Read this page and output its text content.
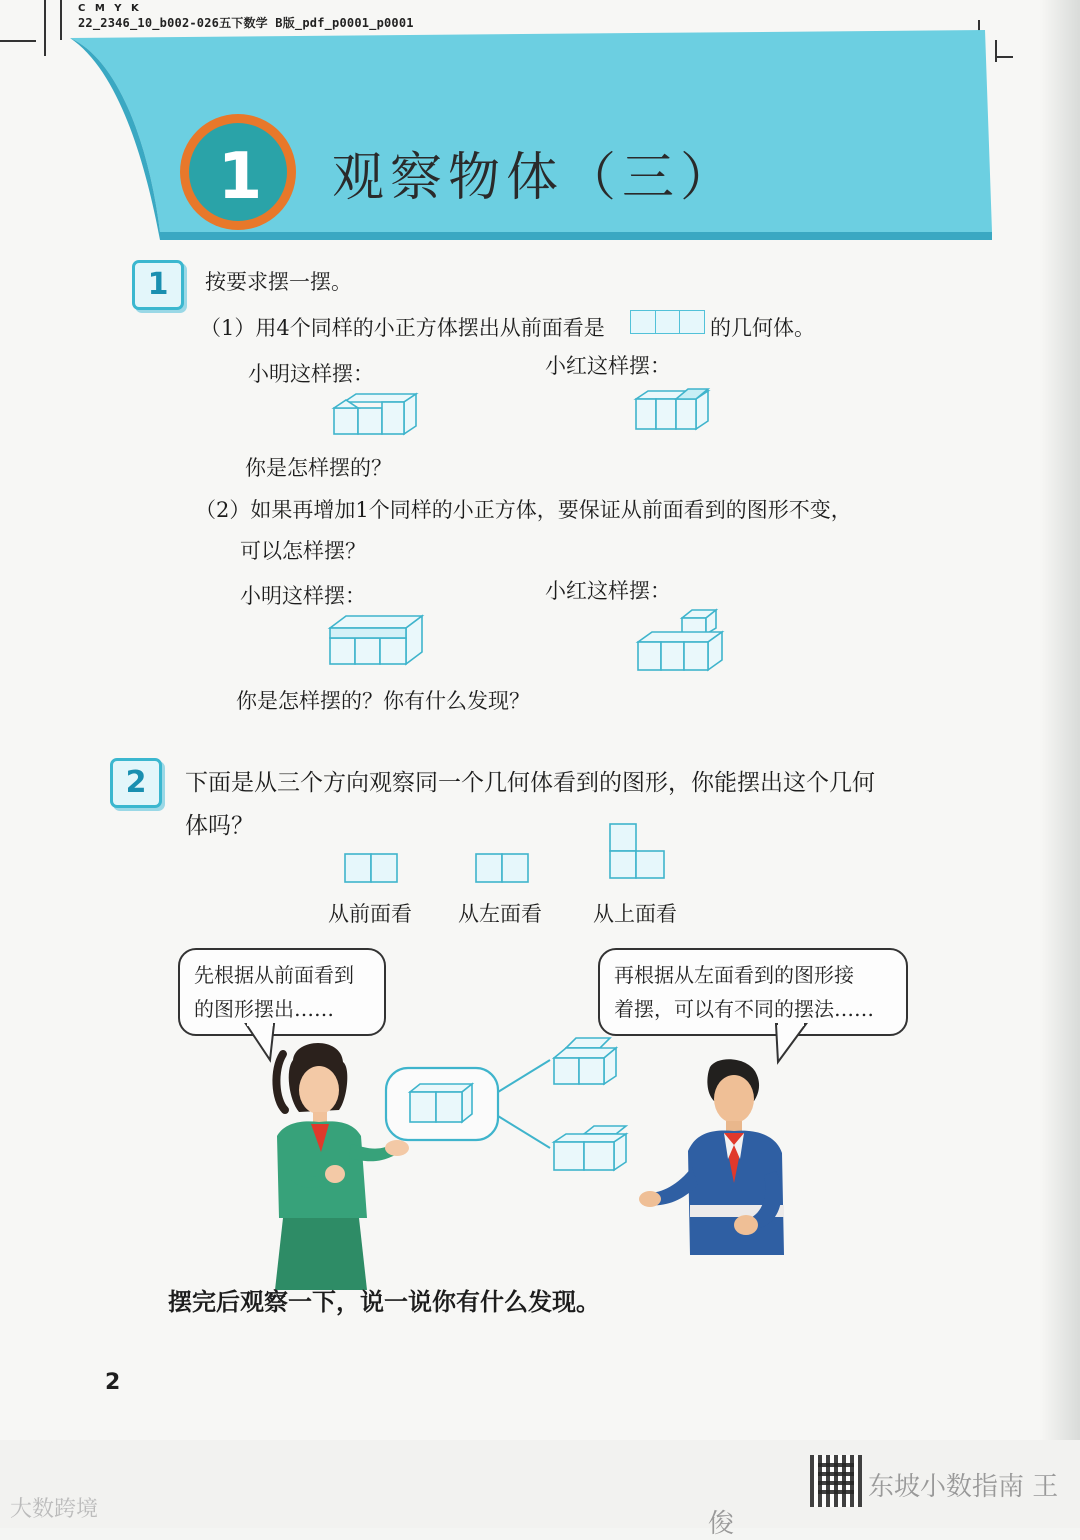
C M Y K
22_2346_10_b002-026五下数学 B版_pdf_p0001_p0001
1 观察物体（三）
1	按要求摆一摆。
（1）用4个同样的小正方体摆出从前面看是	的几何体。
小明这样摆：	小红这样摆：
你是怎样摆的？
（2）如果再增加1个同样的小正方体，要保证从前面看到的图形不变，
可以怎样摆？
小明这样摆：	小红这样摆：
你是怎样摆的？你有什么发现？
2	下面是从三个方向观察同一个几何体看到的图形，你能摆出这个几何
体吗？
从前面看 从左面看 从上面看
先根据从前面看到
的图形摆出……
再根据从左面看到的图形接
着摆，可以有不同的摆法……
摆完后观察一下，说一说你有什么发现。
2
大数跨境
东坡小数指南 王俊
